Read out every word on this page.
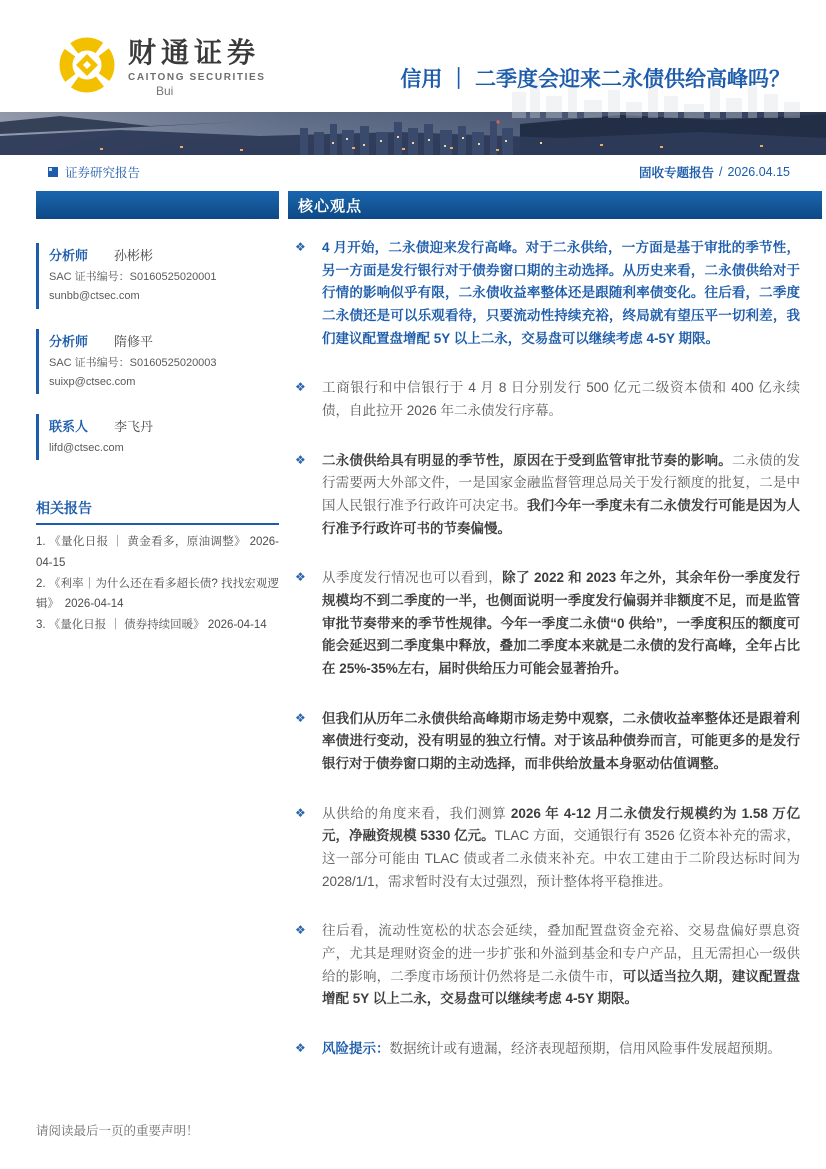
财通证券
CAITONG SECURITIES
Bui	信用 ｜ 二季度会迎来二永债供给高峰吗？
证券研究报告	固收专题报告 / 2026.04.15
分析师 孙彬彬
SAC 证书编号：S0160525020001
sunbb@ctsec.com
分析师 隋修平
SAC 证书编号：S0160525020003
suixp@ctsec.com
联系人 李飞丹
lifd@ctsec.com
相关报告
1. 《量化日报 ｜ 黄金看多，原油调整》 2026-04-15
2. 《利率｜为什么还在看多超长债? 找找宏观逻辑》　2026-04-14
3. 《量化日报 ｜ 债券持续回暖》 2026-04-14
核心观点
❖	4 月开始，二永债迎来发行高峰。对于二永供给，一方面是基于审批的季节性，另一方面是发行银行对于债券窗口期的主动选择。从历史来看，二永债供给对于行情的影响似乎有限，二永债收益率整体还是跟随利率债变化。往后看，二季度二永债还是可以乐观看待，只要流动性持续充裕，终局就有望压平一切利差，我们建议配置盘增配 5Y 以上二永，交易盘可以继续考虑 4-5Y 期限。
❖	工商银行和中信银行于 4 月 8 日分别发行 500 亿元二级资本债和 400 亿永续债，自此拉开 2026 年二永债发行序幕。
❖	二永债供给具有明显的季节性，原因在于受到监管审批节奏的影响。二永债的发行需要两大外部文件，一是国家金融监督管理总局关于发行额度的批复，二是中国人民银行准予行政许可决定书。我们今年一季度未有二永债发行可能是因为人行准予行政许可书的节奏偏慢。
❖	从季度发行情况也可以看到，除了 2022 和 2023 年之外，其余年份一季度发行规模均不到二季度的一半，也侧面说明一季度发行偏弱并非额度不足，而是监管审批节奏带来的季节性规律。今年一季度二永债“0 供给”，一季度积压的额度可能会延迟到二季度集中释放，叠加二季度本来就是二永债的发行高峰，全年占比在 25%-35%左右，届时供给压力可能会显著抬升。
❖	但我们从历年二永债供给高峰期市场走势中观察，二永债收益率整体还是跟着利率债进行变动，没有明显的独立行情。对于该品种债券而言，可能更多的是发行银行对于债券窗口期的主动选择，而非供给放量本身驱动估值调整。
❖	从供给的角度来看，我们测算 2026 年 4-12 月二永债发行规模约为 1.58 万亿元，净融资规模 5330 亿元。TLAC 方面，交通银行有 3526 亿资本补充的需求，这一部分可能由 TLAC 债或者二永债来补充。中农工建由于二阶段达标时间为 2028/1/1，需求暂时没有太过强烈，预计整体将平稳推进。
❖	往后看，流动性宽松的状态会延续，叠加配置盘资金充裕、交易盘偏好票息资产，尤其是理财资金的进一步扩张和外溢到基金和专户产品，且无需担心一级供给的影响，二季度市场预计仍然将是二永债牛市，可以适当拉久期，建议配置盘增配 5Y 以上二永，交易盘可以继续考虑 4-5Y 期限。
❖	风险提示：数据统计或有遗漏，经济表现超预期，信用风险事件发展超预期。
请阅读最后一页的重要声明！
